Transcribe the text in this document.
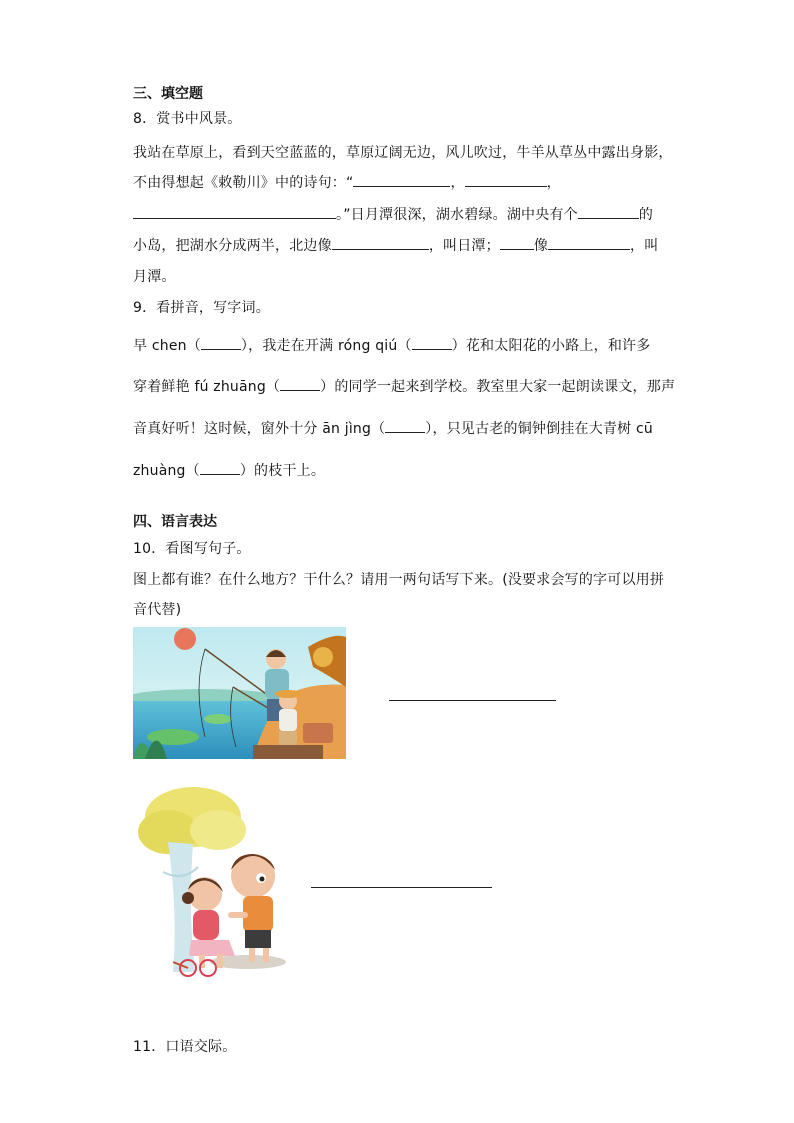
三、填空题
8．赏书中风景。
我站在草原上，看到天空蓝蓝的，草原辽阔无边，风儿吹过，牛羊从草丛中露出身影，
不由得想起《敕勒川》中的诗句：“	，	，
。”日月潭很深，湖水碧绿。湖中央有个	的
小岛，把湖水分成两半，北边像	，叫日潭； 像	，叫
月潭。
9．看拼音，写字词。
早 chen（	），我走在开满 róng qiú（	）花和太阳花的小路上，和许多
穿着鲜艳 fú zhuāng（	）的同学一起来到学校。教室里大家一起朗读课文，那声
音真好听！这时候，窗外十分 ān jìng（	），只见古老的铜钟倒挂在大青树 cū
zhuàng（	）的枝干上。
四、语言表达
10．看图写句子。
图上都有谁？在什么地方？干什么？请用一两句话写下来。(没要求会写的字可以用拼
音代替)
11．口语交际。
